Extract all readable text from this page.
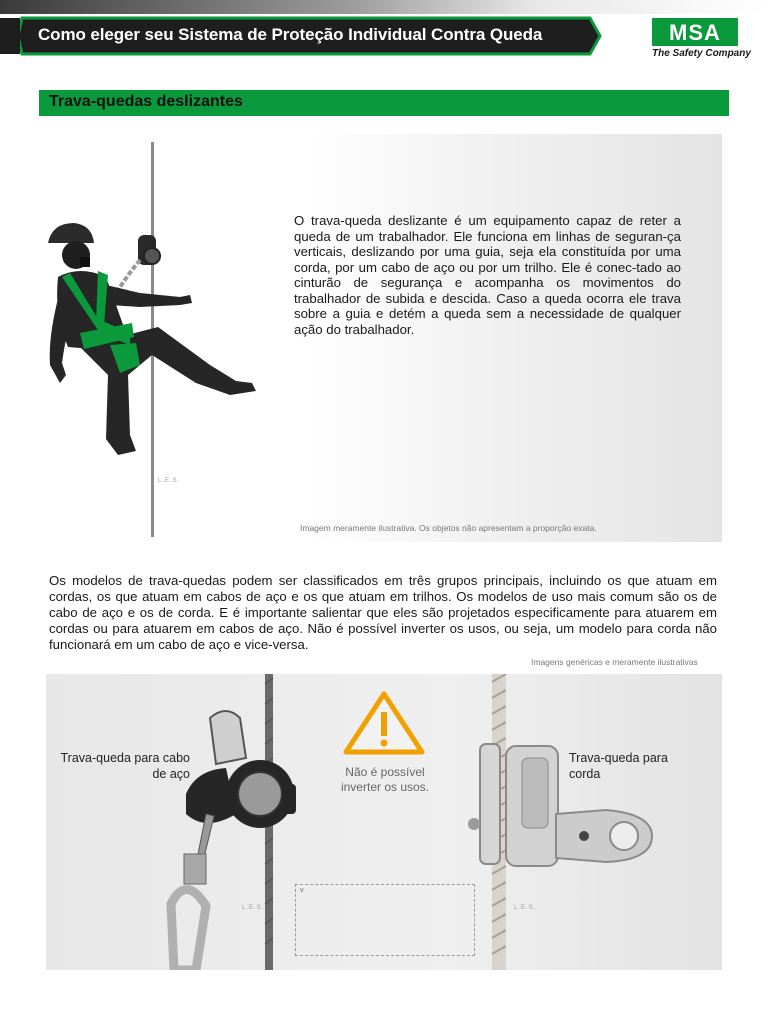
Como eleger seu Sistema de Proteção Individual Contra Queda	MSA
The Safety Company
Trava-quedas deslizantes
L.E.S.
O trava-queda deslizante é um equipamento capaz de reter a queda de um trabalhador. Ele funciona em linhas de seguran-ça verticais, deslizando por uma guia, seja ela constituída por uma corda, por um cabo de aço ou por um trilho. Ele é conec-tado ao cinturão de segurança e acompanha os movimentos do trabalhador de subida e descida. Caso a queda ocorra ele trava sobre a guia e detém a queda sem a necessidade de qualquer ação do trabalhador.
Imagem meramente ilustrativa. Os objetos não apresentam a proporção exata.
Os modelos de trava-quedas podem ser classificados em três grupos principais, incluindo os que atuam em cordas, os que atuam em cabos de aço e os que atuam em trilhos. Os modelos de uso mais comum são os de cabo de aço e os de corda. E é importante salientar que eles são projetados especificamente para atuarem em cordas ou para atuarem em cabos de aço. Não é possível inverter os usos, ou seja, um modelo para corda não funcionará em um cabo de aço e vice-versa.
Imagens genéricas e meramente ilustrativas
Trava-queda para cabo de aço
Trava-queda para corda
Não é possível inverter os usos.
L.E.S.	L.E.S.
v
